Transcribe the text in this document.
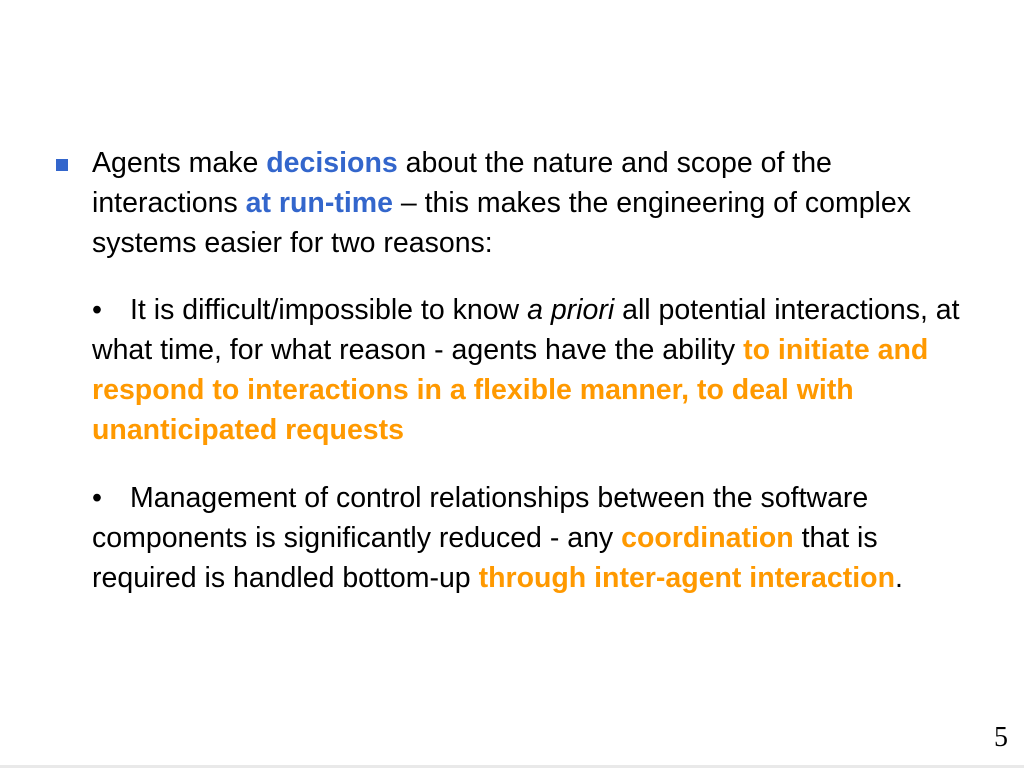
Agents make decisions about the nature and scope of the interactions at run-time – this makes the engineering of complex systems easier for two reasons:

• It is difficult/impossible to know a priori all potential interactions, at what time, for what reason - agents have the ability to initiate and respond to interactions in a flexible manner, to deal with unanticipated requests

• Management of control relationships between the software components is significantly reduced - any coordination that is required is handled bottom-up through inter-agent interaction.

5
